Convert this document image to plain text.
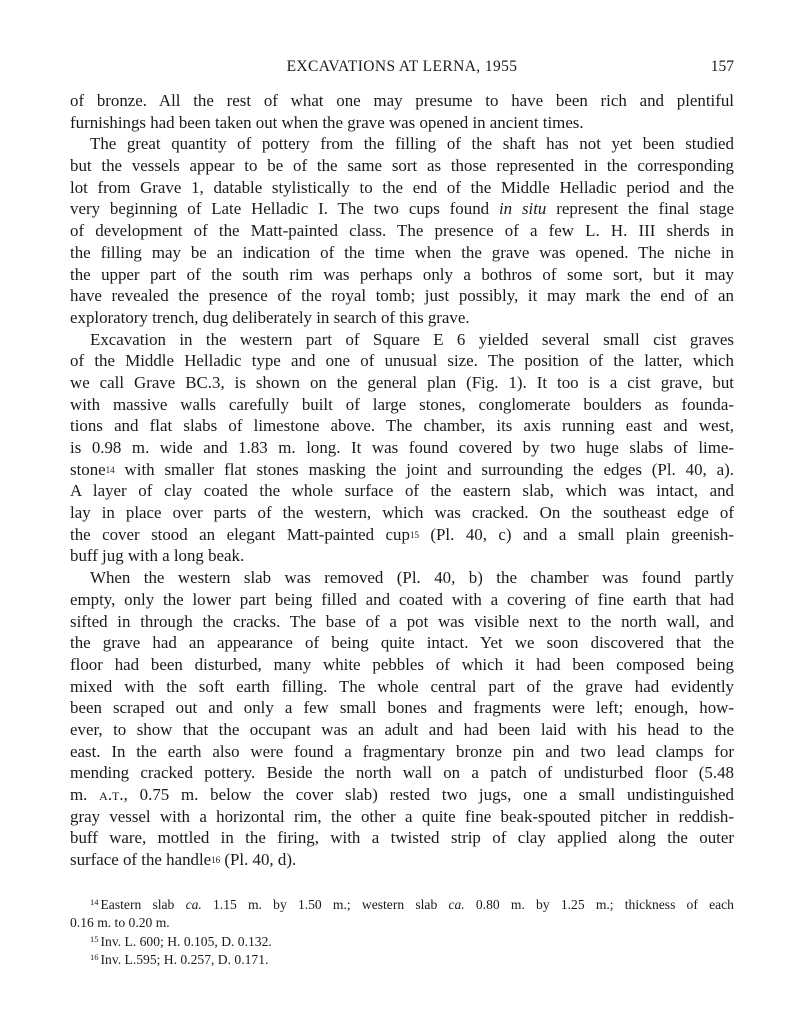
EXCAVATIONS AT LERNA, 1955	157
of bronze. All the rest of what one may presume to have been rich and plentiful
furnishings had been taken out when the grave was opened in ancient times.
The great quantity of pottery from the filling of the shaft has not yet been studied
but the vessels appear to be of the same sort as those represented in the corresponding
lot from Grave 1, datable stylistically to the end of the Middle Helladic period and the
very beginning of Late Helladic I. The two cups found in situ represent the final stage
of development of the Matt-painted class. The presence of a few L. H. III sherds in
the filling may be an indication of the time when the grave was opened. The niche in
the upper part of the south rim was perhaps only a bothros of some sort, but it may
have revealed the presence of the royal tomb; just possibly, it may mark the end of an
exploratory trench, dug deliberately in search of this grave.
Excavation in the western part of Square E 6 yielded several small cist graves
of the Middle Helladic type and one of unusual size. The position of the latter, which
we call Grave BC.3, is shown on the general plan (Fig. 1). It too is a cist grave, but
with massive walls carefully built of large stones, conglomerate boulders as founda-
tions and flat slabs of limestone above. The chamber, its axis running east and west,
is 0.98 m. wide and 1.83 m. long. It was found covered by two huge slabs of lime-
stone$^{14}$ with smaller flat stones masking the joint and surrounding the edges (Pl. 40, a).
A layer of clay coated the whole surface of the eastern slab, which was intact, and
lay in place over parts of the western, which was cracked. On the southeast edge of
the cover stood an elegant Matt-painted cup$^{15}$ (Pl. 40, c) and a small plain greenish-
buff jug with a long beak.
When the western slab was removed (Pl. 40, b) the chamber was found partly
empty, only the lower part being filled and coated with a covering of fine earth that had
sifted in through the cracks. The base of a pot was visible next to the north wall, and
the grave had an appearance of being quite intact. Yet we soon discovered that the
floor had been disturbed, many white pebbles of which it had been composed being
mixed with the soft earth filling. The whole central part of the grave had evidently
been scraped out and only a few small bones and fragments were left; enough, how-
ever, to show that the occupant was an adult and had been laid with his head to the
east. In the earth also were found a fragmentary bronze pin and two lead clamps for
mending cracked pottery. Beside the north wall on a patch of undisturbed floor (5.48
m. a.t., 0.75 m. below the cover slab) rested two jugs, one a small undistinguished
gray vessel with a horizontal rim, the other a quite fine beak-spouted pitcher in reddish-
buff ware, mottled in the firing, with a twisted strip of clay applied along the outer
surface of the handle$^{16}$ (Pl. 40, d).
$^{14}$ Eastern slab ca. 1.15 m. by 1.50 m.; western slab ca. 0.80 m. by 1.25 m.; thickness of each
0.16 m. to 0.20 m.
$^{15}$ Inv. L. 600; H. 0.105, D. 0.132.
$^{16}$ Inv. L.595; H. 0.257, D. 0.171.
